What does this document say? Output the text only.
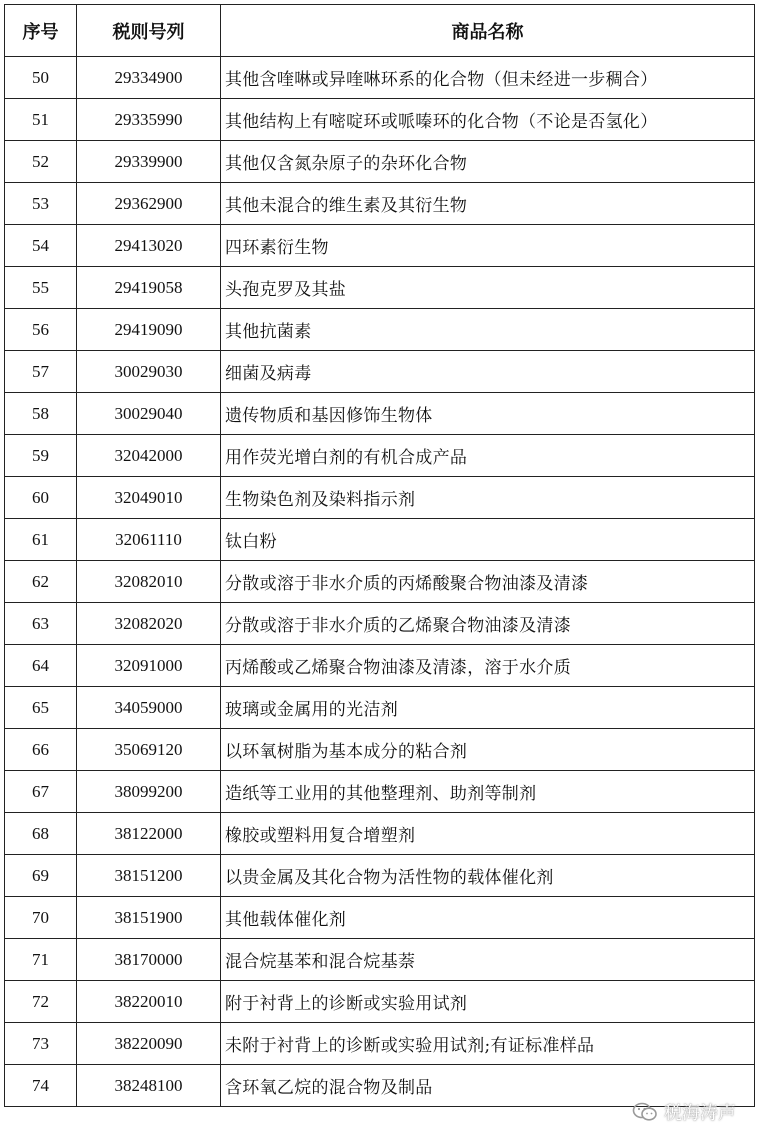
序号	税则号列	商品名称
50	29334900	其他含喹啉或异喹啉环系的化合物（但未经进一步稠合）
51	29335990	其他结构上有嘧啶环或哌嗪环的化合物（不论是否氢化）
52	29339900	其他仅含氮杂原子的杂环化合物
53	29362900	其他未混合的维生素及其衍生物
54	29413020	四环素衍生物
55	29419058	头孢克罗及其盐
56	29419090	其他抗菌素
57	30029030	细菌及病毒
58	30029040	遗传物质和基因修饰生物体
59	32042000	用作荧光增白剂的有机合成产品
60	32049010	生物染色剂及染料指示剂
61	32061110	钛白粉
62	32082010	分散或溶于非水介质的丙烯酸聚合物油漆及清漆
63	32082020	分散或溶于非水介质的乙烯聚合物油漆及清漆
64	32091000	丙烯酸或乙烯聚合物油漆及清漆，溶于水介质
65	34059000	玻璃或金属用的光洁剂
66	35069120	以环氧树脂为基本成分的粘合剂
67	38099200	造纸等工业用的其他整理剂、助剂等制剂
68	38122000	橡胶或塑料用复合增塑剂
69	38151200	以贵金属及其化合物为活性物的载体催化剂
70	38151900	其他载体催化剂
71	38170000	混合烷基苯和混合烷基萘
72	38220010	附于衬背上的诊断或实验用试剂
73	38220090	未附于衬背上的诊断或实验用试剂;有证标准样品
74	38248100	含环氧乙烷的混合物及制品
税海涛声
